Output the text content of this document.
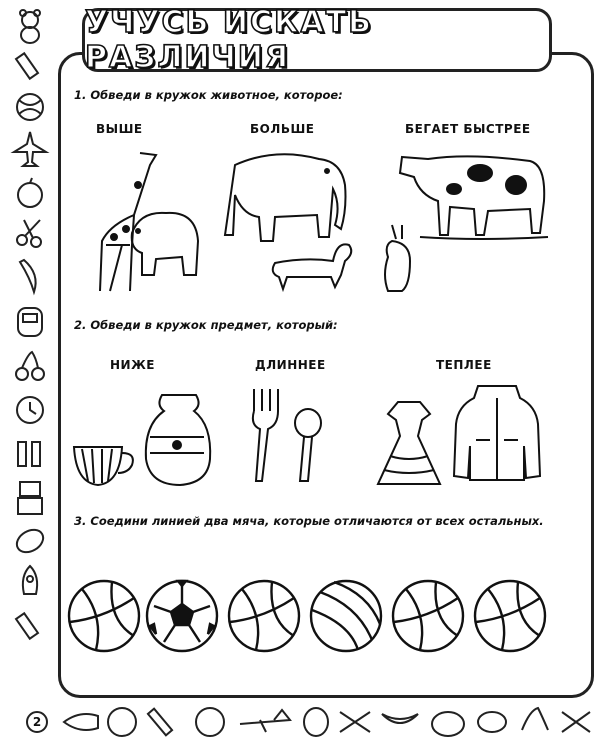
УЧУСЬ ИСКАТЬ РАЗЛИЧИЯ
1. Обведи в кружок животное, которое:
ВЫШЕ	БОЛЬШЕ	БЕГАЕТ БЫСТРЕЕ
2. Обведи в кружок предмет, который:
НИЖЕ	ДЛИННЕЕ	ТЕПЛЕЕ
3. Соедини линией два мяча, которые отличаются от всех остальных.
2
